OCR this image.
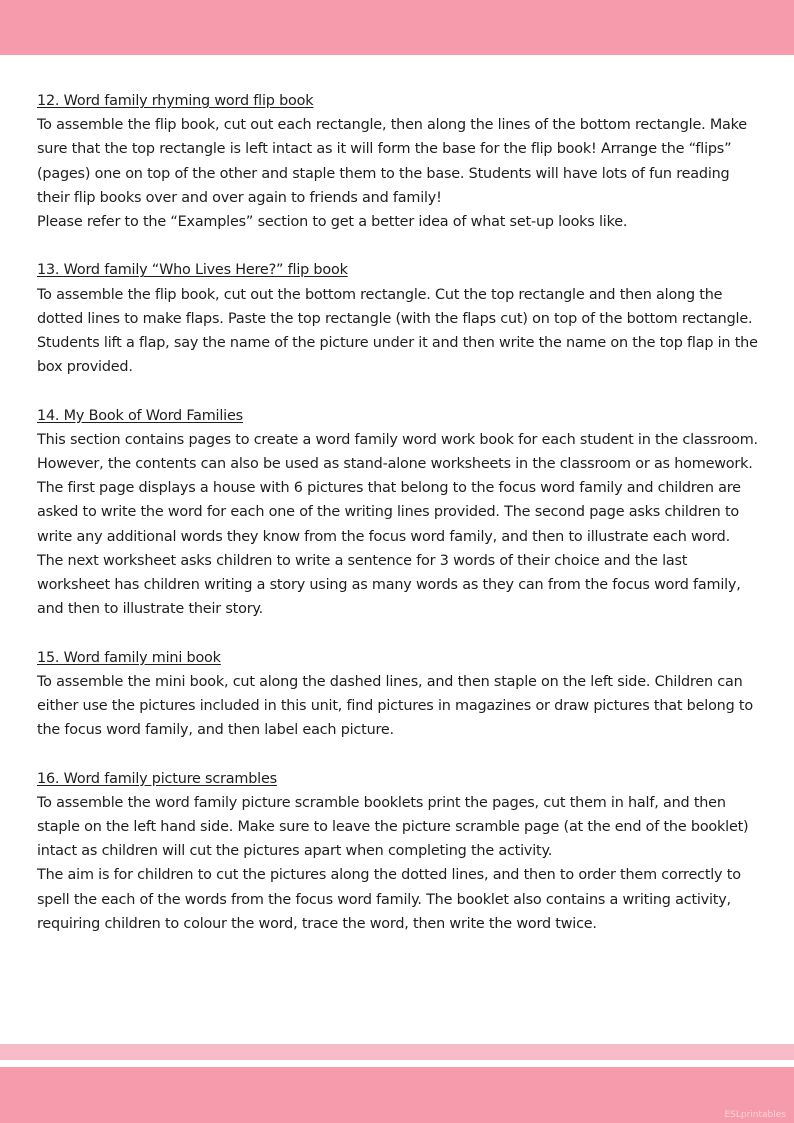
12. Word family rhyming word flip book

To assemble the flip book, cut out each rectangle, then along the lines of the bottom rectangle. Make sure that the top rectangle is left intact as it will form the base for the flip book! Arrange the “flips” (pages) one on top of the other and staple them to the base. Students will have lots of fun reading their flip books over and over again to friends and family!

Please refer to the “Examples” section to get a better idea of what set-up looks like.

13. Word family “Who Lives Here?” flip book

To assemble the flip book, cut out the bottom rectangle. Cut the top rectangle and then along the dotted lines to make flaps. Paste the top rectangle (with the flaps cut) on top of the bottom rectangle. Students lift a flap, say the name of the picture under it and then write the name on the top flap in the box provided.

14. My Book of Word Families

This section contains pages to create a word family word work book for each student in the classroom. However, the contents can also be used as stand-alone worksheets in the classroom or as homework.

The first page displays a house with 6 pictures that belong to the focus word family and children are asked to write the word for each one of the writing lines provided. The second page asks children to write any additional words they know from the focus word family, and then to illustrate each word. The next worksheet asks children to write a sentence for 3 words of their choice and the last worksheet has children writing a story using as many words as they can from the focus word family, and then to illustrate their story.

15. Word family mini book

To assemble the mini book, cut along the dashed lines, and then staple on the left side. Children can either use the pictures included in this unit, find pictures in magazines or draw pictures that belong to the focus word family, and then label each picture.

16. Word family picture scrambles

To assemble the word family picture scramble booklets print the pages, cut them in half, and then staple on the left hand side. Make sure to leave the picture scramble page (at the end of the booklet) intact as children will cut the pictures apart when completing the activity.

The aim is for children to cut the pictures along the dotted lines, and then to order them correctly to spell the each of the words from the focus word family. The booklet also contains a writing activity, requiring children to colour the word, trace the word, then write the word twice.

ESLprintables
